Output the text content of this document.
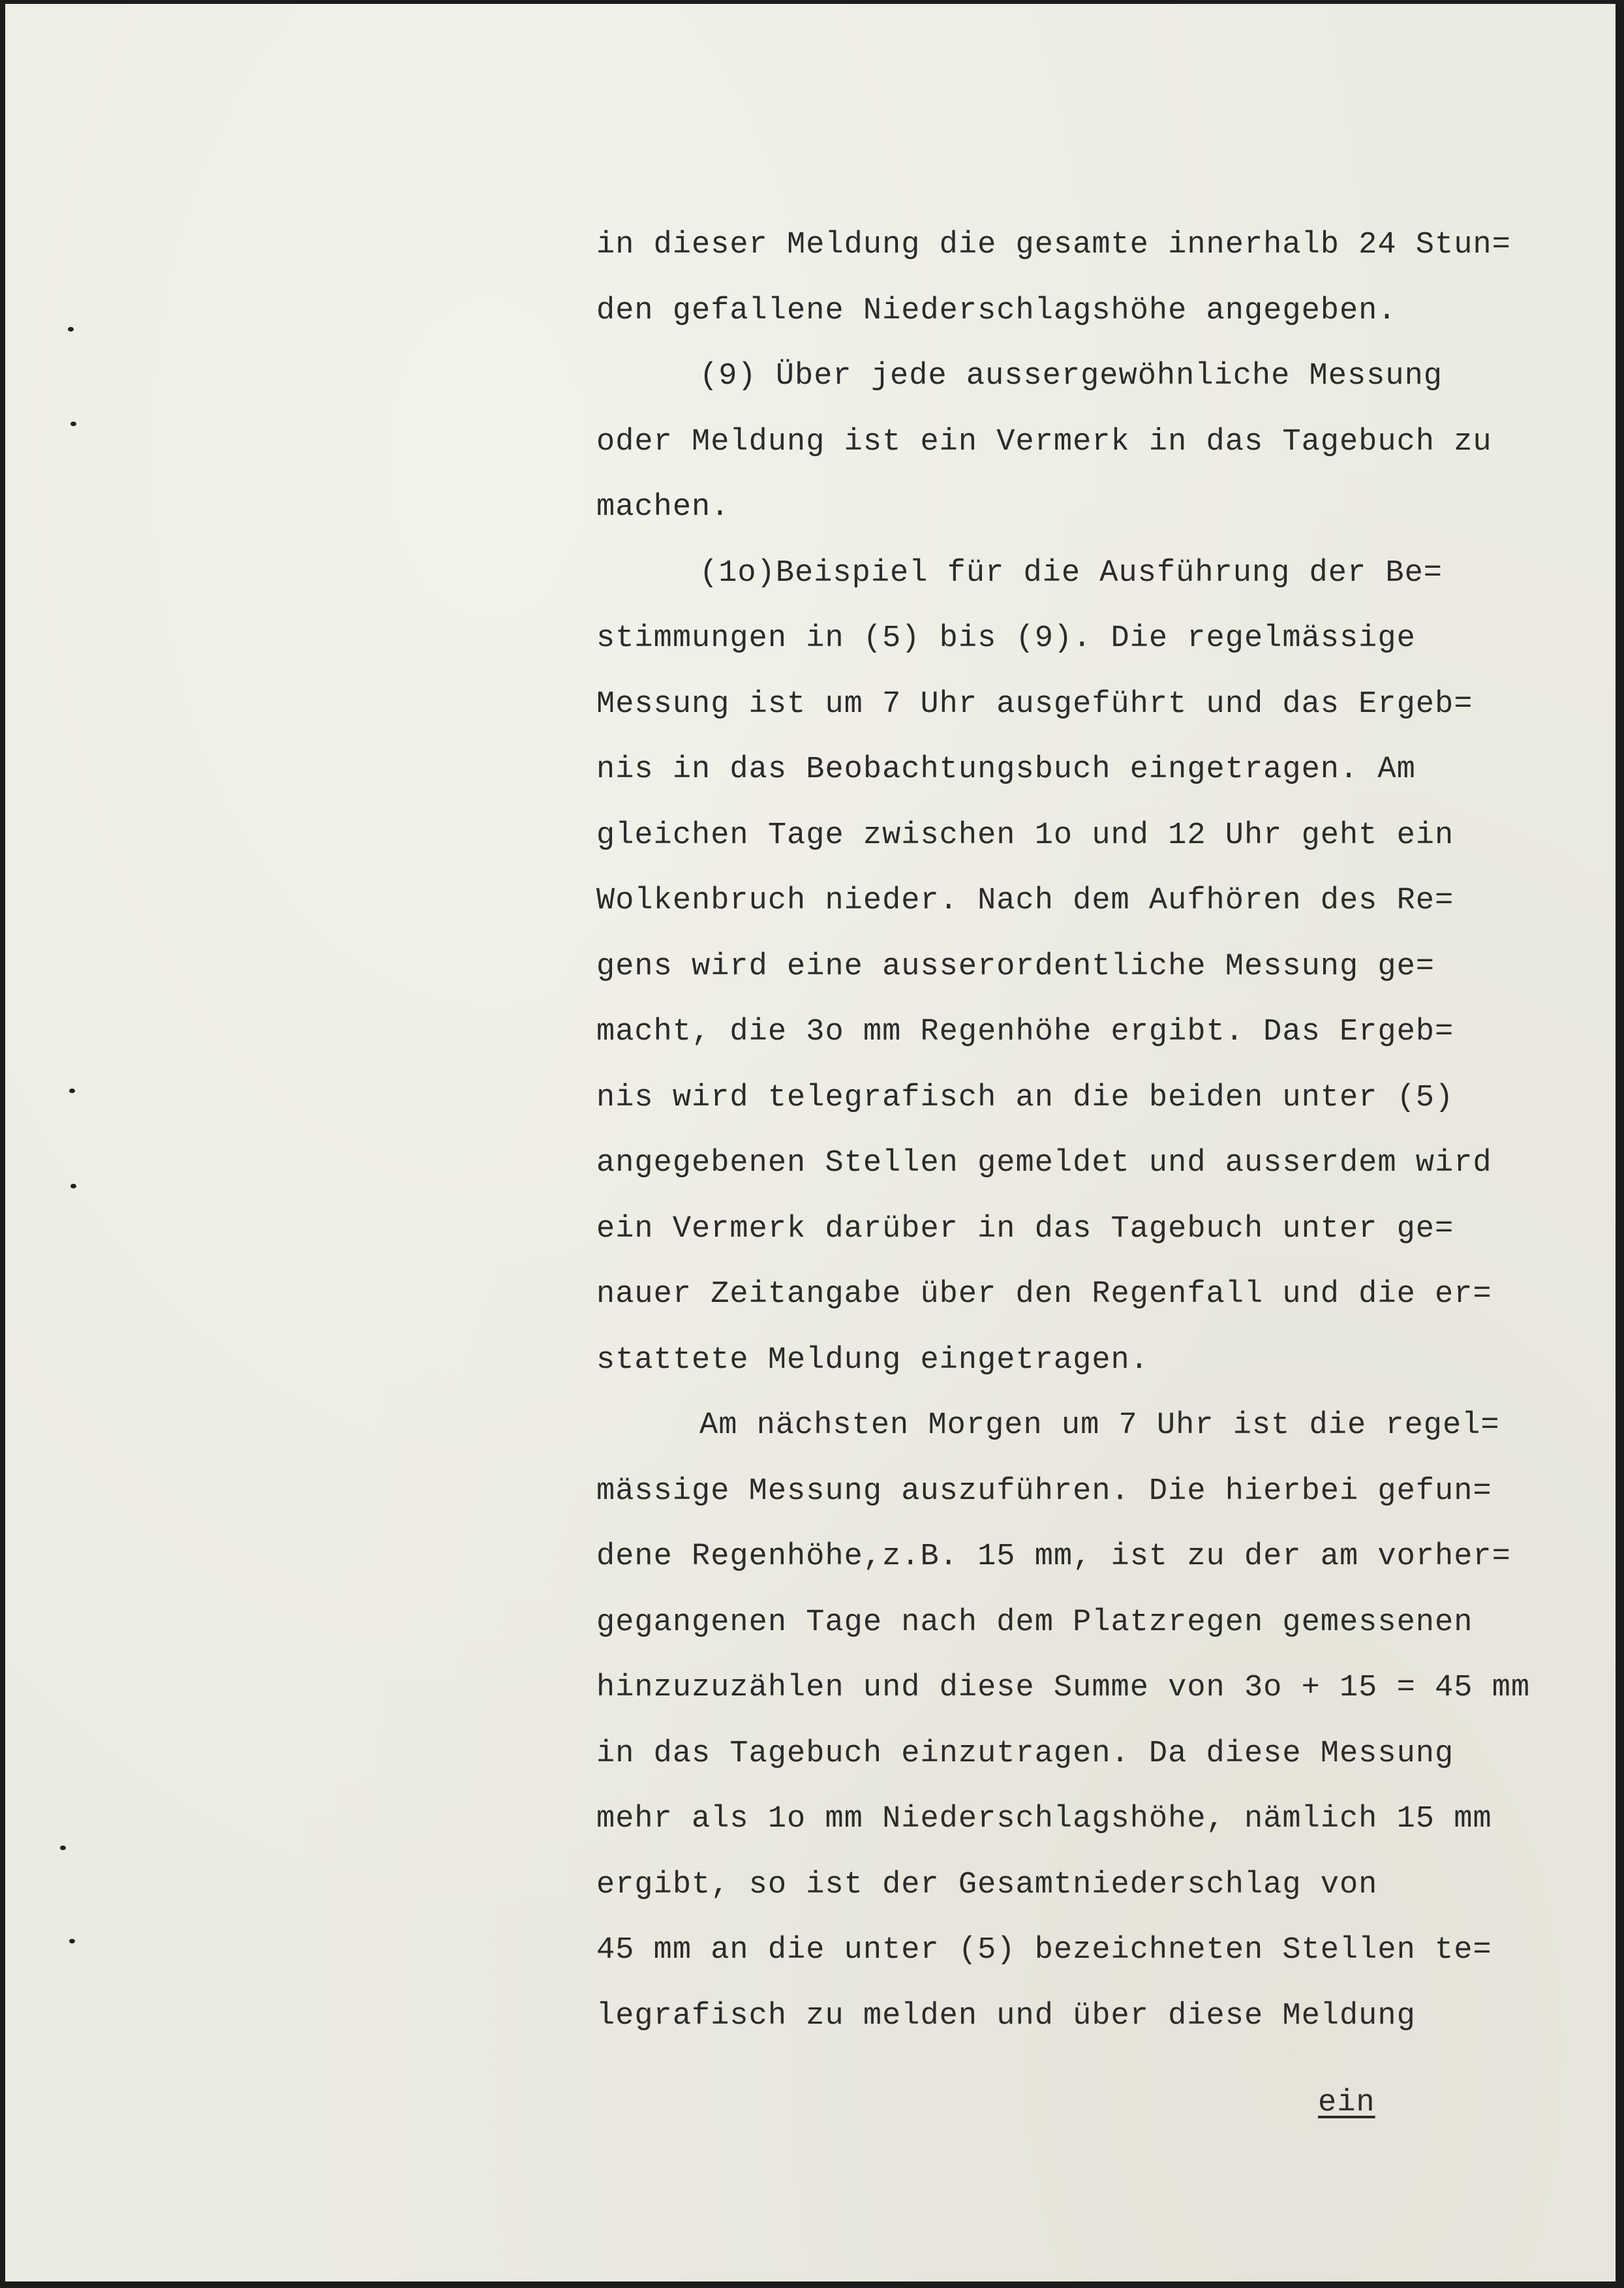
in dieser Meldung die gesamte innerhalb 24 Stun=
den gefallene Niederschlagshöhe angegeben.
(9) Über jede aussergewöhnliche Messung
oder Meldung ist ein Vermerk in das Tagebuch zu
machen.
(1o)Beispiel für die Ausführung der Be=
stimmungen in (5) bis (9). Die regelmässige
Messung ist um 7 Uhr ausgeführt und das Ergeb=
nis in das Beobachtungsbuch eingetragen. Am
gleichen Tage zwischen 1o und 12 Uhr geht ein
Wolkenbruch nieder. Nach dem Aufhören des Re=
gens wird eine ausserordentliche Messung ge=
macht, die 3o mm Regenhöhe ergibt. Das Ergeb=
nis wird telegrafisch an die beiden unter (5)
angegebenen Stellen gemeldet und ausserdem wird
ein Vermerk darüber in das Tagebuch unter ge=
nauer Zeitangabe über den Regenfall und die er=
stattete Meldung eingetragen.
Am nächsten Morgen um 7 Uhr ist die regel=
mässige Messung auszuführen. Die hierbei gefun=
dene Regenhöhe,z.B. 15 mm, ist zu der am vorher=
gegangenen Tage nach dem Platzregen gemessenen
hinzuzuzählen und diese Summe von 3o + 15 = 45 mm
in das Tagebuch einzutragen. Da diese Messung
mehr als 1o mm Niederschlagshöhe, nämlich 15 mm
ergibt, so ist der Gesamtniederschlag von
45 mm an die unter (5) bezeichneten Stellen te=
legrafisch zu melden und über diese Meldung
ein
